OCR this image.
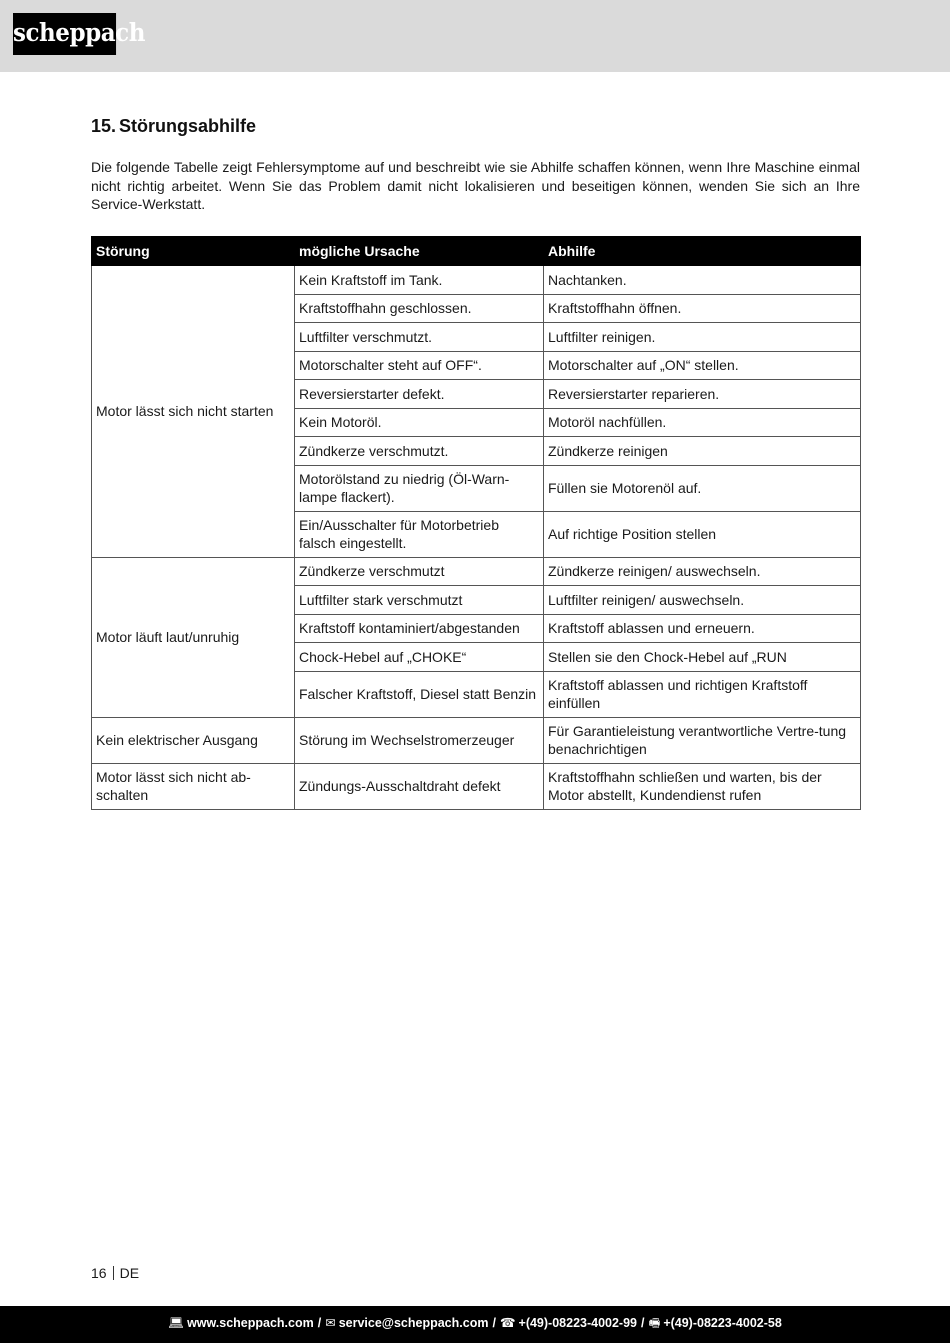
scheppach
15. Störungsabhilfe

Die folgende Tabelle zeigt Fehlersymptome auf und beschreibt wie sie Abhilfe schaffen können, wenn Ihre Maschine einmal nicht richtig arbeitet. Wenn Sie das Problem damit nicht lokalisieren und beseitigen können, wenden Sie sich an Ihre Service-Werkstatt.

Störung	mögliche Ursache	Abhilfe
Motor lässt sich nicht starten	Kein Kraftstoff im Tank.	Nachtanken.
	Kraftstoffhahn geschlossen.	Kraftstoffhahn öffnen.
	Luftfilter verschmutzt.	Luftfilter reinigen.
	Motorschalter steht auf OFF“.	Motorschalter auf „ON“ stellen.
	Reversierstarter defekt.	Reversierstarter reparieren.
	Kein Motoröl.	Motoröl nachfüllen.
	Zündkerze verschmutzt.	Zündkerze reinigen
	Motorölstand zu niedrig (Öl-Warn-lampe flackert).	Füllen sie Motorenöl auf.
	Ein/Ausschalter für Motorbetrieb falsch eingestellt.	Auf richtige Position stellen
Motor läuft laut/unruhig	Zündkerze verschmutzt	Zündkerze reinigen/ auswechseln.
	Luftfilter stark verschmutzt	Luftfilter reinigen/ auswechseln.
	Kraftstoff kontaminiert/abgestanden	Kraftstoff ablassen und erneuern.
	Chock-Hebel auf „CHOKE“	Stellen sie den Chock-Hebel auf „RUN
	Falscher Kraftstoff, Diesel statt Benzin	Kraftstoff ablassen und richtigen Kraftstoff einfüllen
Kein elektrischer Ausgang	Störung im Wechselstromerzeuger	Für Garantieleistung verantwortliche Vertre-tung benachrichtigen
Motor lässt sich nicht ab-schalten	Zündungs-Ausschaltdraht defekt	Kraftstoffhahn schließen und warten, bis der Motor abstellt, Kundendienst rufen
16 DE
💻︎ www.scheppach.com / ✉︎ service@scheppach.com / ☎︎ +(49)-08223-4002-99 / 🖷︎ +(49)-08223-4002-58
